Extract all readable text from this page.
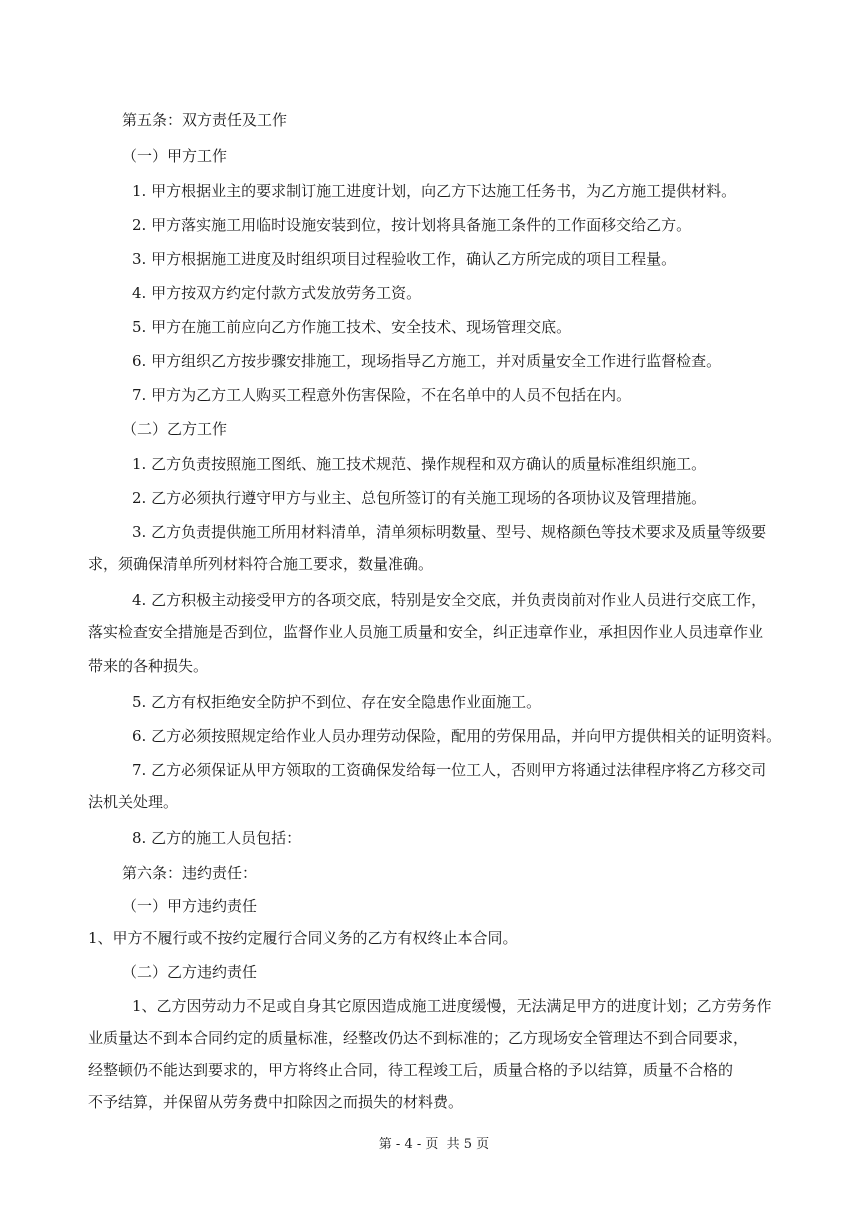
第五条：双方责任及工作
（一）甲方工作
1. 甲方根据业主的要求制订施工进度计划，向乙方下达施工任务书，为乙方施工提供材料。
2. 甲方落实施工用临时设施安装到位，按计划将具备施工条件的工作面移交给乙方。
3. 甲方根据施工进度及时组织项目过程验收工作，确认乙方所完成的项目工程量。
4. 甲方按双方约定付款方式发放劳务工资。
5. 甲方在施工前应向乙方作施工技术、安全技术、现场管理交底。
6. 甲方组织乙方按步骤安排施工，现场指导乙方施工，并对质量安全工作进行监督检查。
7. 甲方为乙方工人购买工程意外伤害保险，不在名单中的人员不包括在内。
（二）乙方工作
1. 乙方负责按照施工图纸、施工技术规范、操作规程和双方确认的质量标准组织施工。
2. 乙方必须执行遵守甲方与业主、总包所签订的有关施工现场的各项协议及管理措施。
3. 乙方负责提供施工所用材料清单，清单须标明数量、型号、规格颜色等技术要求及质量等级要
求，须确保清单所列材料符合施工要求，数量准确。
4. 乙方积极主动接受甲方的各项交底，特别是安全交底，并负责岗前对作业人员进行交底工作，
落实检查安全措施是否到位，监督作业人员施工质量和安全，纠正违章作业，承担因作业人员违章作业
带来的各种损失。
5. 乙方有权拒绝安全防护不到位、存在安全隐患作业面施工。
6. 乙方必须按照规定给作业人员办理劳动保险，配用的劳保用品，并向甲方提供相关的证明资料。
7. 乙方必须保证从甲方领取的工资确保发给每一位工人，否则甲方将通过法律程序将乙方移交司
法机关处理。
8. 乙方的施工人员包括：
第六条：违约责任：
（一）甲方违约责任
1、甲方不履行或不按约定履行合同义务的乙方有权终止本合同。
（二）乙方违约责任
1、乙方因劳动力不足或自身其它原因造成施工进度缓慢，无法满足甲方的进度计划；乙方劳务作
业质量达不到本合同约定的质量标准，经整改仍达不到标准的；乙方现场安全管理达不到合同要求，
经整顿仍不能达到要求的，甲方将终止合同，待工程竣工后，质量合格的予以结算，质量不合格的
不予结算，并保留从劳务费中扣除因之而损失的材料费。
第 - 4 - 页  共 5 页
